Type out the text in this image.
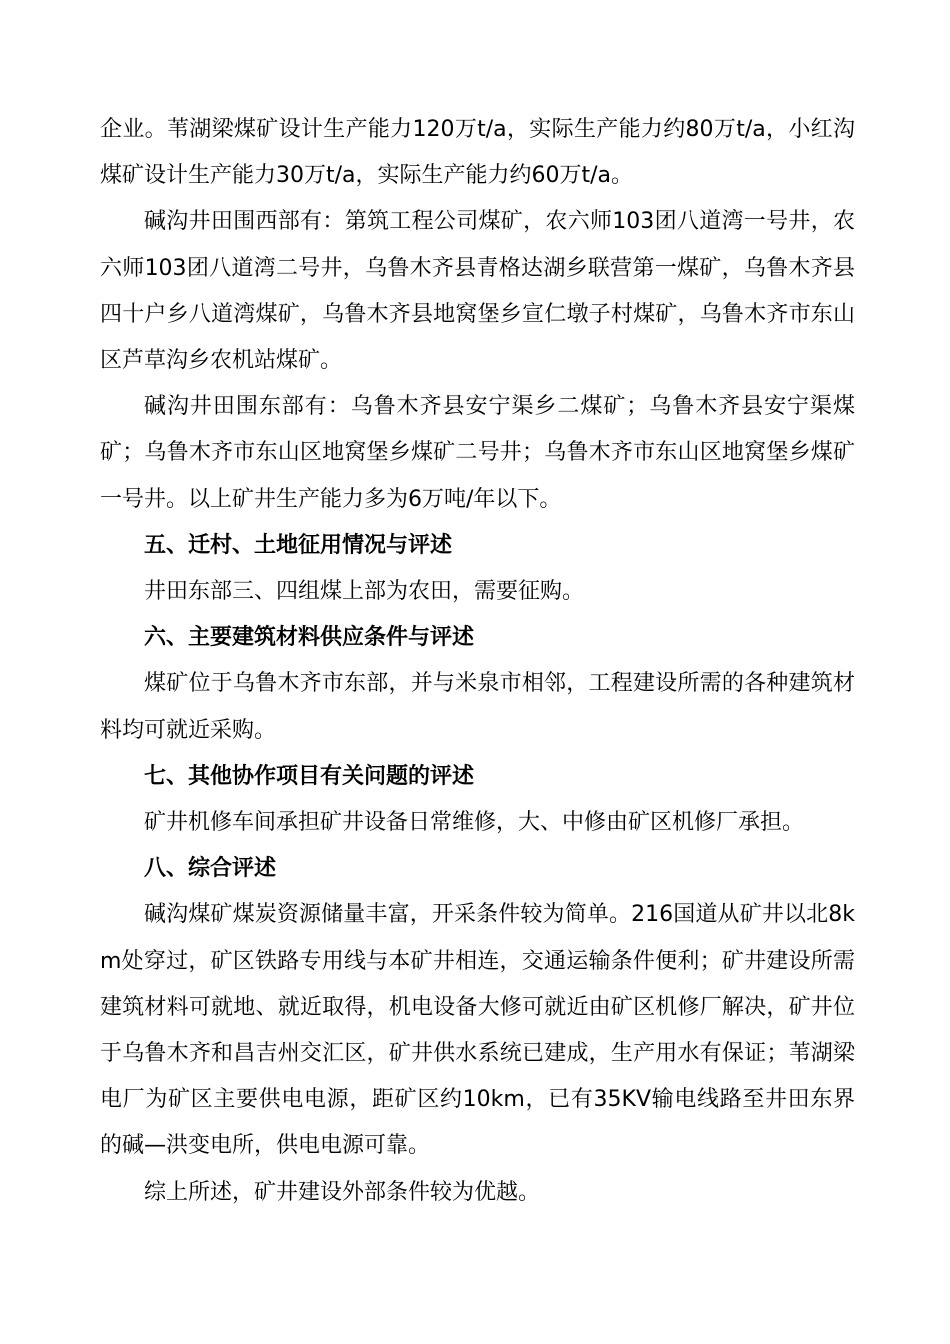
企业。苇湖梁煤矿设计生产能力120万t/a，实际生产能力约80万t/a，小红沟煤矿设计生产能力30万t/a，实际生产能力约60万t/a。

碱沟井田围西部有：第筑工程公司煤矿，农六师103团八道湾一号井，农六师103团八道湾二号井，乌鲁木齐县青格达湖乡联营第一煤矿，乌鲁木齐县四十户乡八道湾煤矿，乌鲁木齐县地窝堡乡宣仁墩子村煤矿，乌鲁木齐市东山区芦草沟乡农机站煤矿。

碱沟井田围东部有：乌鲁木齐县安宁渠乡二煤矿；乌鲁木齐县安宁渠煤矿；乌鲁木齐市东山区地窝堡乡煤矿二号井；乌鲁木齐市东山区地窝堡乡煤矿一号井。以上矿井生产能力多为6万吨/年以下。

五、迁村、土地征用情况与评述

井田东部三、四组煤上部为农田，需要征购。

六、主要建筑材料供应条件与评述

煤矿位于乌鲁木齐市东部，并与米泉市相邻，工程建设所需的各种建筑材料均可就近采购。

七、其他协作项目有关问题的评述

矿井机修车间承担矿井设备日常维修，大、中修由矿区机修厂承担。

八、综合评述

碱沟煤矿煤炭资源储量丰富，开采条件较为简单。216国道从矿井以北8km处穿过，矿区铁路专用线与本矿井相连，交通运输条件便利；矿井建设所需建筑材料可就地、就近取得，机电设备大修可就近由矿区机修厂解决，矿井位于乌鲁木齐和昌吉州交汇区，矿井供水系统已建成，生产用水有保证；苇湖梁电厂为矿区主要供电电源，距矿区约10km，已有35KV输电线路至井田东界的碱—洪变电所，供电电源可靠。

综上所述，矿井建设外部条件较为优越。
